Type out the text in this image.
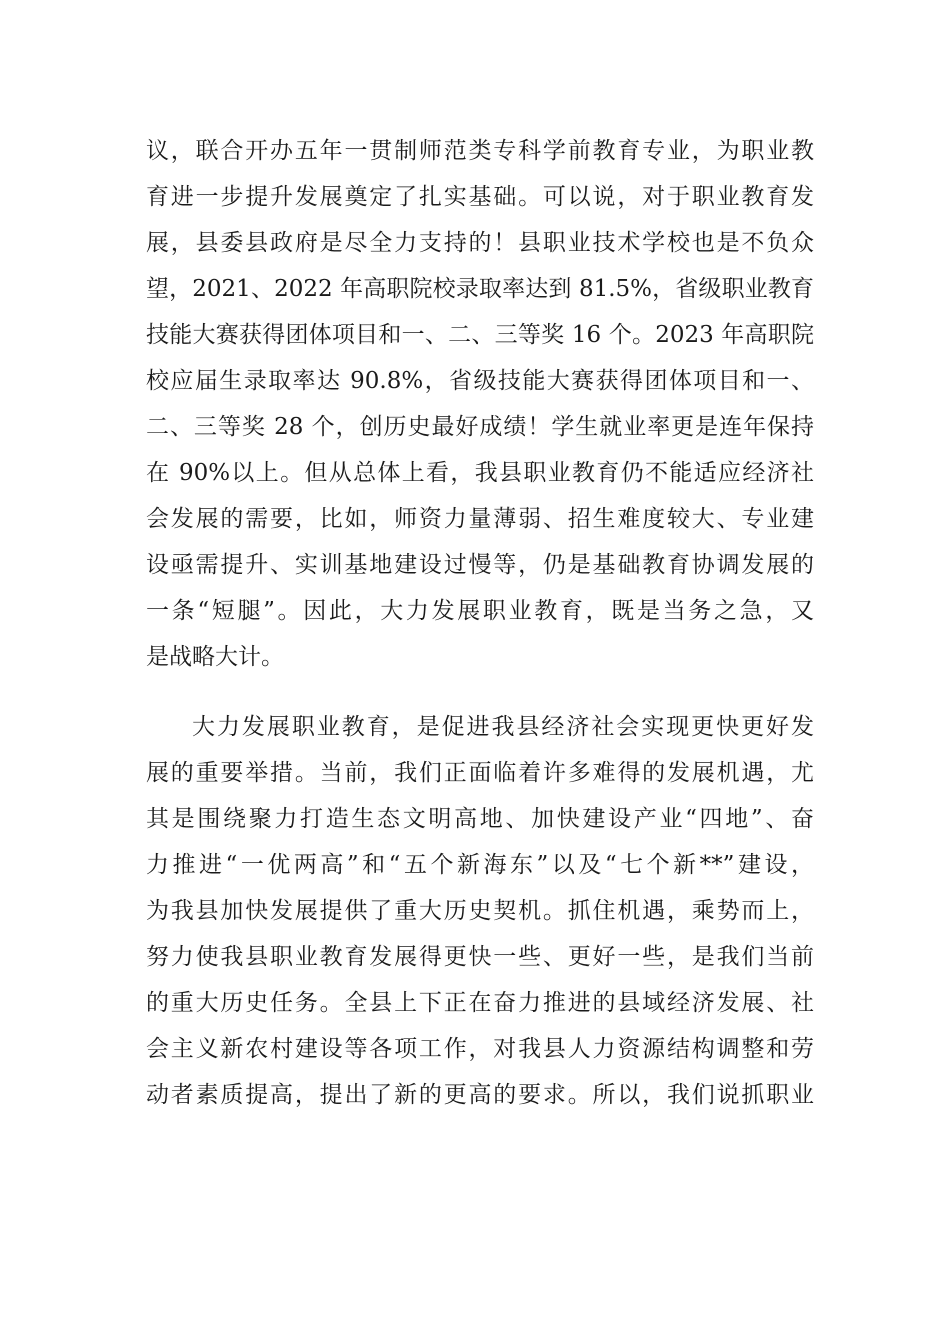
议，联合开办五年一贯制师范类专科学前教育专业，为职业教
育进一步提升发展奠定了扎实基础。可以说，对于职业教育发
展，县委县政府是尽全力支持的！县职业技术学校也是不负众
望，2021、2022 年高职院校录取率达到 81.5%，省级职业教育
技能大赛获得团体项目和一、二、三等奖 16 个。2023 年高职院
校应届生录取率达 90.8%，省级技能大赛获得团体项目和一、
二、三等奖 28 个，创历史最好成绩！学生就业率更是连年保持
在 90%以上。但从总体上看，我县职业教育仍不能适应经济社
会发展的需要，比如，师资力量薄弱、招生难度较大、专业建
设亟需提升、实训基地建设过慢等，仍是基础教育协调发展的
一条“短腿”。因此，大力发展职业教育，既是当务之急，又
是战略大计。
大力发展职业教育，是促进我县经济社会实现更快更好发
展的重要举措。当前，我们正面临着许多难得的发展机遇，尤
其是围绕聚力打造生态文明高地、加快建设产业“四地”、奋
力推进“一优两高”和“五个新海东”以及“七个新**”建设，
为我县加快发展提供了重大历史契机。抓住机遇，乘势而上，
努力使我县职业教育发展得更快一些、更好一些，是我们当前
的重大历史任务。全县上下正在奋力推进的县域经济发展、社
会主义新农村建设等各项工作，对我县人力资源结构调整和劳
动者素质提高，提出了新的更高的要求。所以，我们说抓职业
